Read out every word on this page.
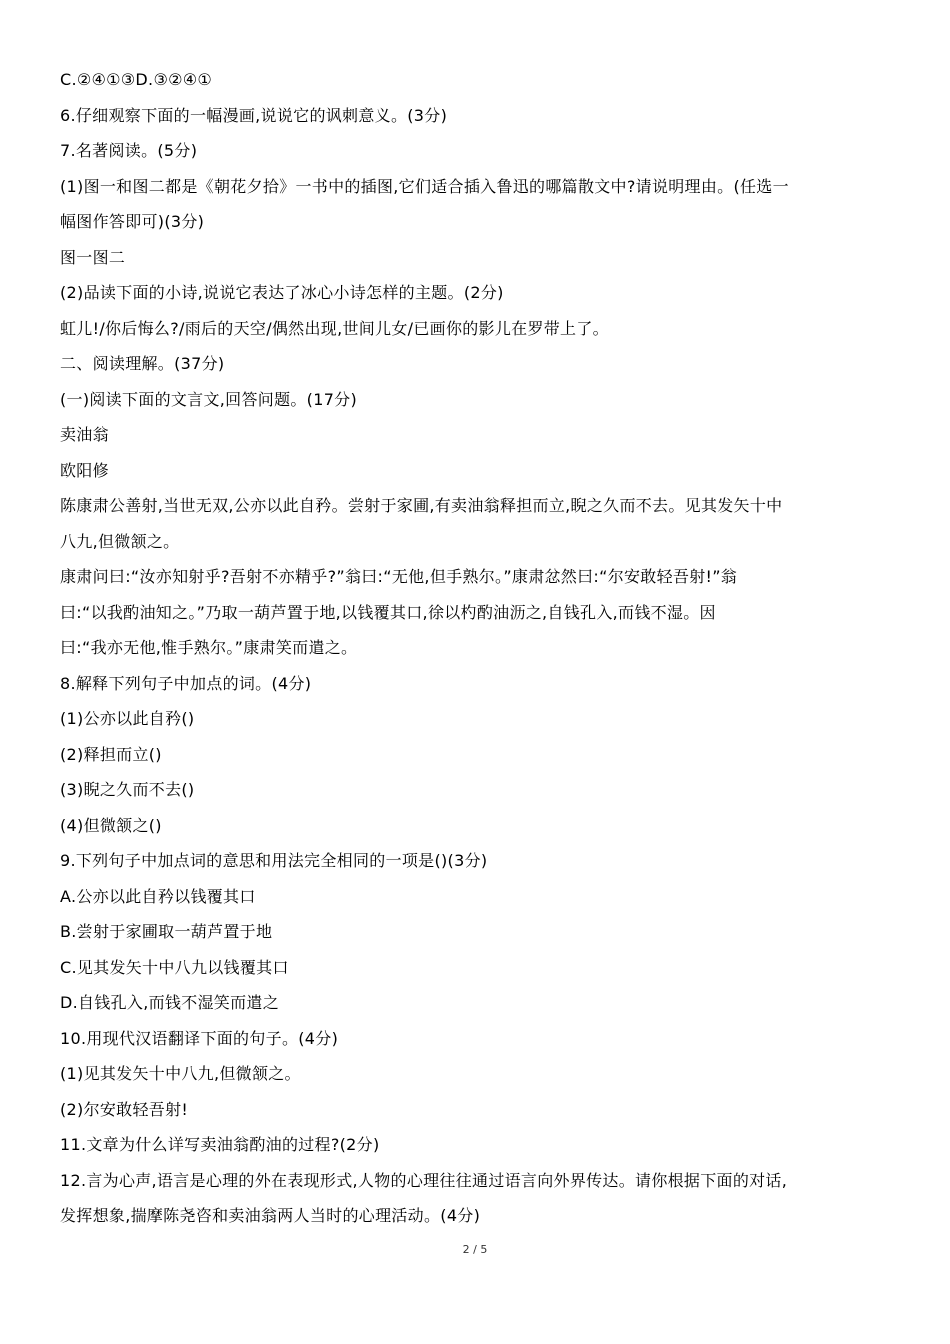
C.②④①③D.③②④①

6.仔细观察下面的一幅漫画,说说它的讽刺意义。(3分)

7.名著阅读。(5分)

(1)图一和图二都是《朝花夕拾》一书中的插图,它们适合插入鲁迅的哪篇散文中?请说明理由。(任选一

幅图作答即可)(3分)

图一图二

(2)品读下面的小诗,说说它表达了冰心小诗怎样的主题。(2分)

虹儿!/你后悔么?/雨后的天空/偶然出现,世间儿女/已画你的影儿在罗带上了。

二、阅读理解。(37分)

(一)阅读下面的文言文,回答问题。(17分)

卖油翁

欧阳修

陈康肃公善射,当世无双,公亦以此自矜。尝射于家圃,有卖油翁释担而立,睨之久而不去。见其发矢十中

八九,但微颔之。

康肃问曰:“汝亦知射乎?吾射不亦精乎?”翁曰:“无他,但手熟尔。”康肃忿然曰:“尔安敢轻吾射!”翁

曰:“以我酌油知之。”乃取一葫芦置于地,以钱覆其口,徐以杓酌油沥之,自钱孔入,而钱不湿。因

曰:“我亦无他,惟手熟尔。”康肃笑而遣之。

8.解释下列句子中加点的词。(4分)

(1)公亦以此自矜()

(2)释担而立()

(3)睨之久而不去()

(4)但微颔之()

9.下列句子中加点词的意思和用法完全相同的一项是()(3分)

A.公亦以此自矜以钱覆其口

B.尝射于家圃取一葫芦置于地

C.见其发矢十中八九以钱覆其口

D.自钱孔入,而钱不湿笑而遣之

10.用现代汉语翻译下面的句子。(4分)

(1)见其发矢十中八九,但微颔之。

(2)尔安敢轻吾射!

11.文章为什么详写卖油翁酌油的过程?(2分)

12.言为心声,语言是心理的外在表现形式,人物的心理往往通过语言向外界传达。请你根据下面的对话,

发挥想象,揣摩陈尧咨和卖油翁两人当时的心理活动。(4分)

2 / 5
